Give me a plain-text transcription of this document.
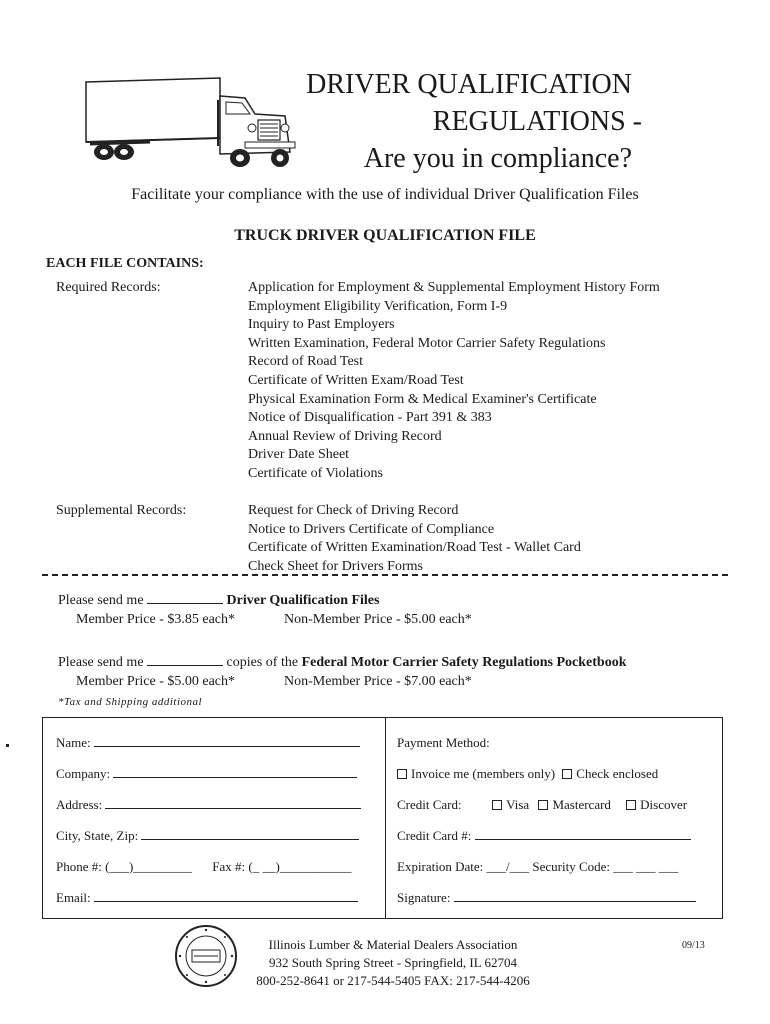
DRIVER QUALIFICATION
REGULATIONS -
Are you in compliance?
Facilitate your compliance with the use of individual Driver Qualification Files
TRUCK DRIVER QUALIFICATION FILE
EACH FILE CONTAINS:
Required Records:	Application for Employment & Supplemental Employment History Form
Employment Eligibility Verification, Form I-9
Inquiry to Past Employers
Written Examination, Federal Motor Carrier Safety Regulations
Record of Road Test
Certificate of Written Exam/Road Test
Physical Examination Form & Medical Examiner's Certificate
Notice of Disqualification - Part 391 & 383
Annual Review of Driving Record
Driver Date Sheet
Certificate of Violations
Supplemental Records:	Request for Check of Driving Record
Notice to Drivers Certificate of Compliance
Certificate of Written Examination/Road Test - Wallet Card
Check Sheet for Drivers Forms
Please send me	Driver Qualification Files
Member Price - $3.85 each*	Non-Member Price - $5.00 each*
Please send me	copies of the Federal Motor Carrier Safety Regulations Pocketbook
Member Price - $5.00 each*	Non-Member Price - $7.00 each*
*Tax and Shipping additional
Name:
Company:
Address:
City, State, Zip:
Phone #: (___)_________ Fax #: (_ __)___________
Email:
Payment Method:
Invoice me (members only) Check enclosed
Credit Card:	Visa Mastercard Discover
Credit Card #:
Expiration Date: ___/___ Security Code: ___ ___ ___
Signature:
Illinois Lumber & Material Dealers Association
932 South Spring Street - Springfield, IL 62704
800-252-8641 or 217-544-5405 FAX: 217-544-4206
09/13
